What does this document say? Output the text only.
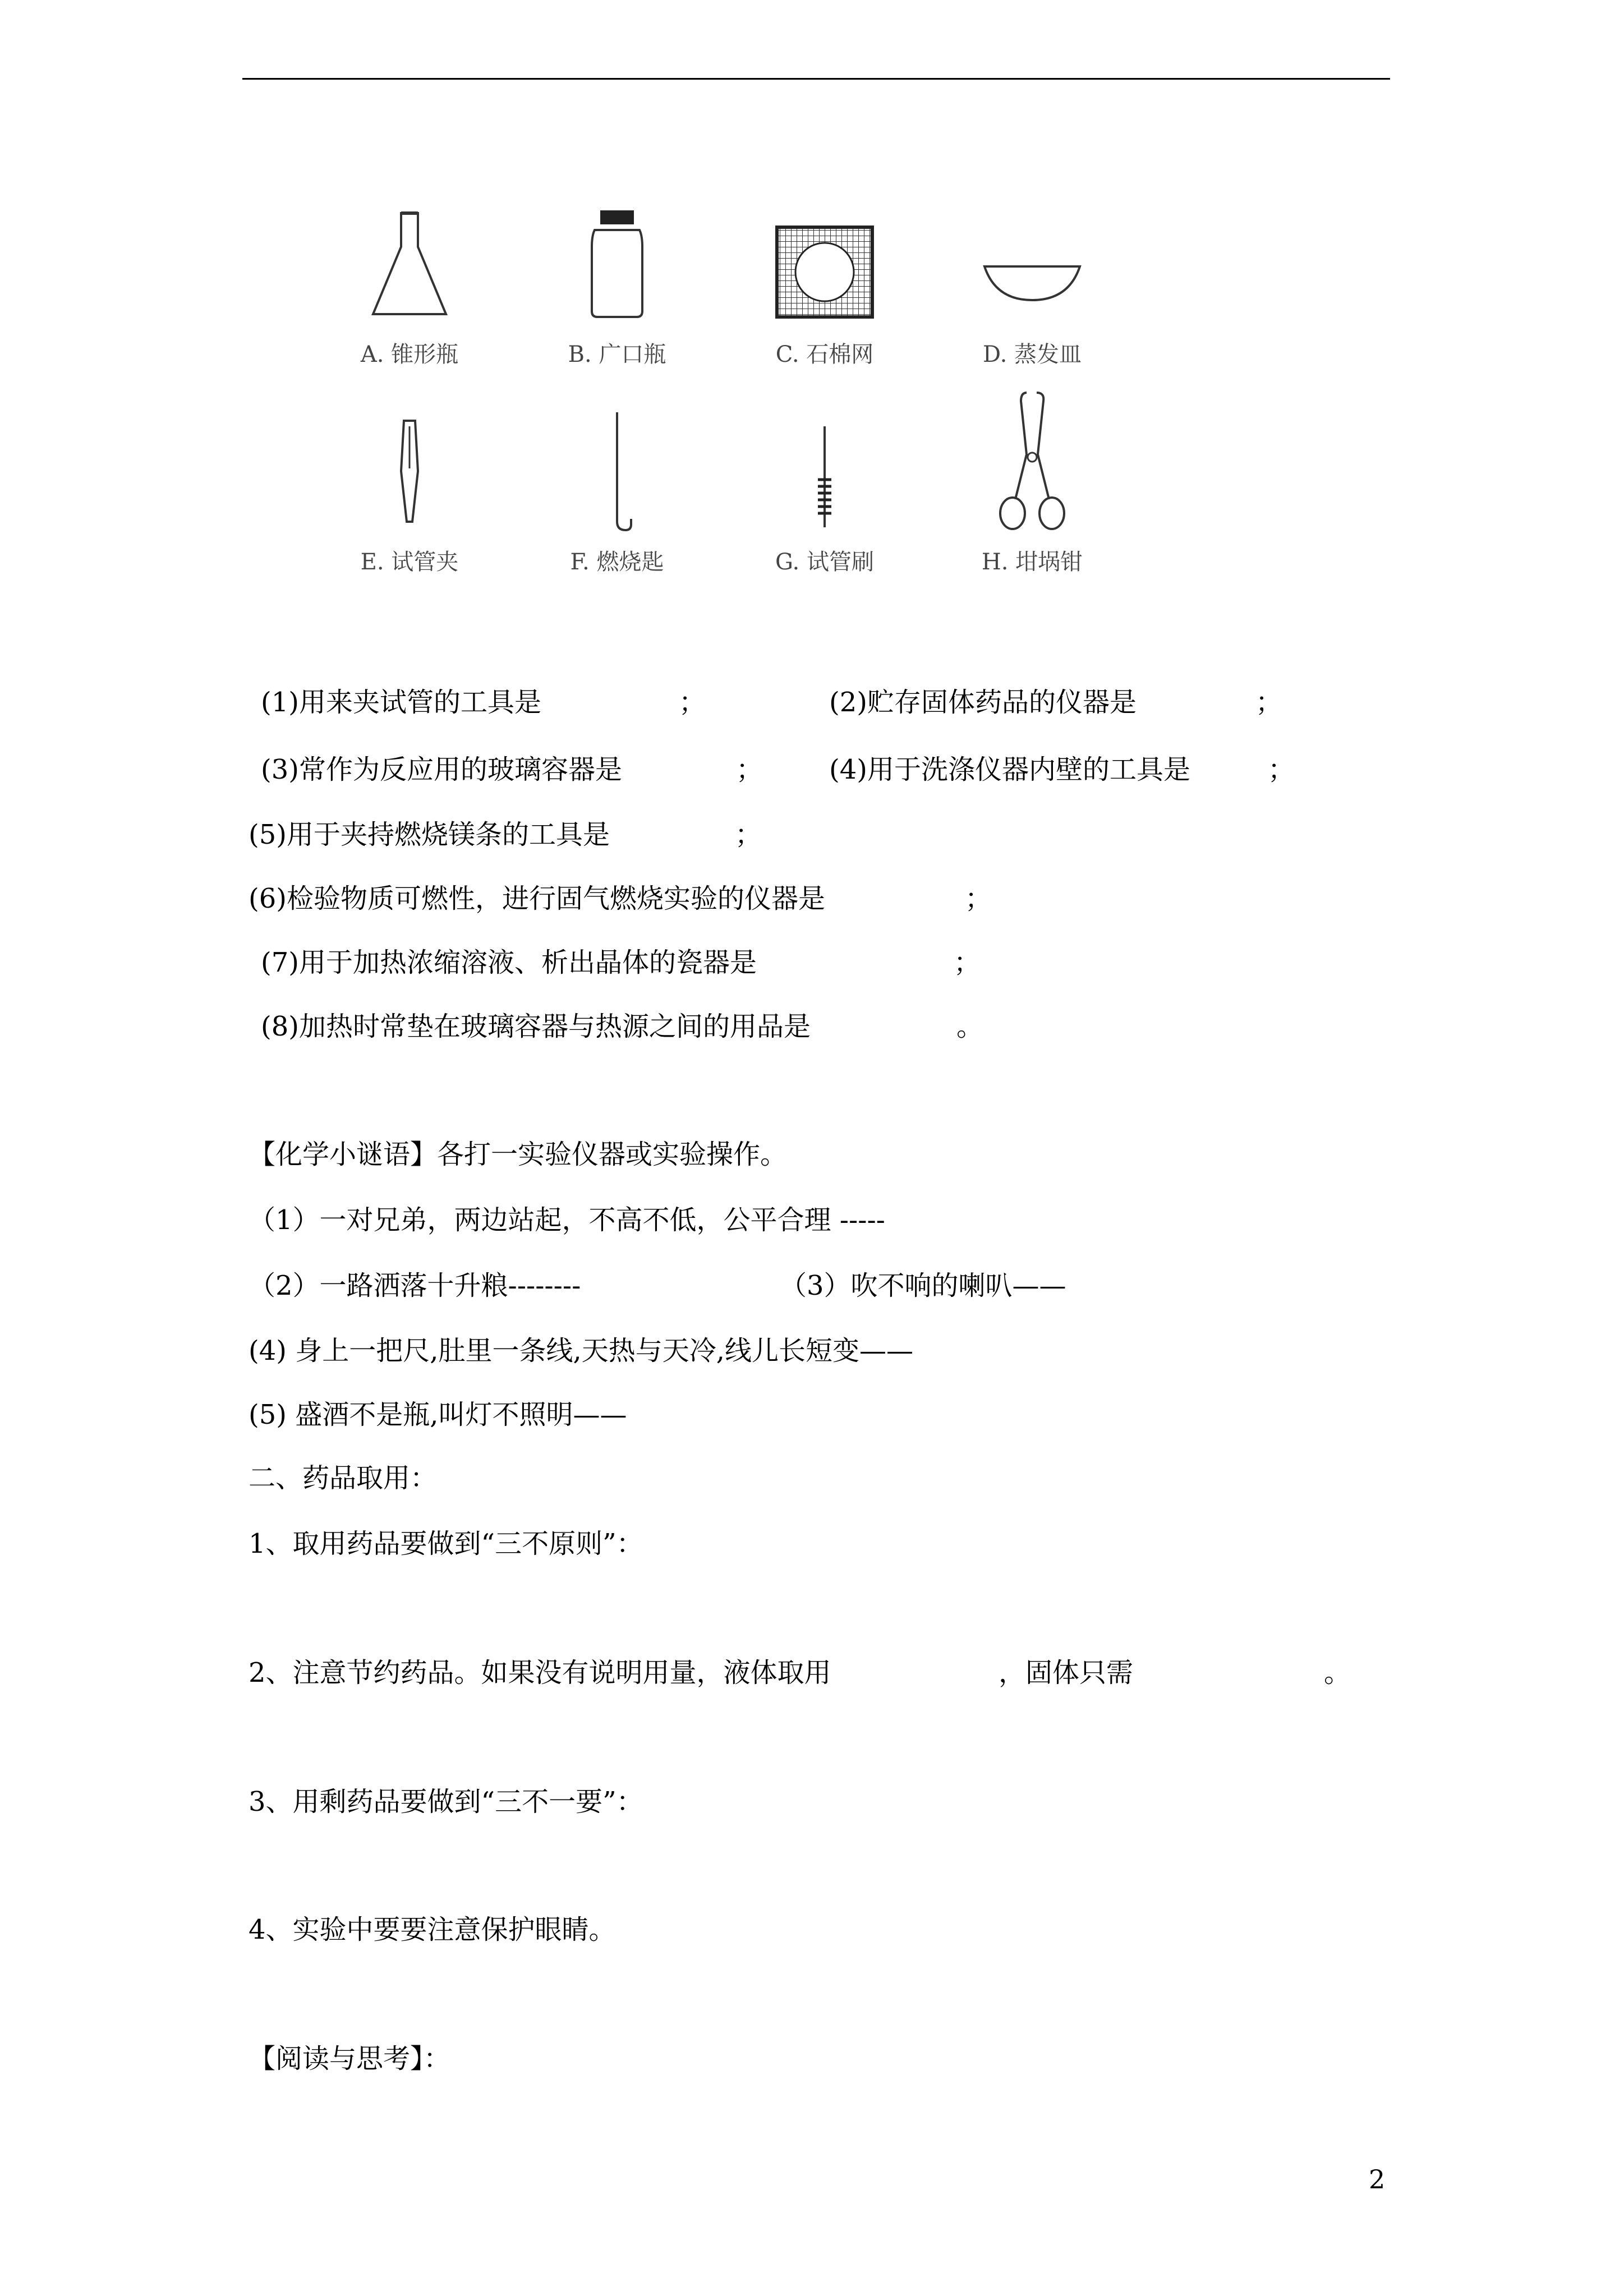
A. 锥形瓶	B. 广口瓶	C. 石棉网	D. 蒸发皿
E. 试管夹	F. 燃烧匙	G. 试管刷	H. 坩埚钳
(1)用来夹试管的工具是	；	(2)贮存固体药品的仪器是	；
(3)常作为反应用的玻璃容器是	； (4)用于洗涤仪器内壁的工具是	；
(5)用于夹持燃烧镁条的工具是	；
(6)检验物质可燃性，进行固气燃烧实验的仪器是	；
(7)用于加热浓缩溶液、析出晶体的瓷器是	；
(8)加热时常垫在玻璃容器与热源之间的用品是	。
【化学小谜语】各打一实验仪器或实验操作。
（1）一对兄弟，两边站起，不高不低，公平合理 -----
（2）一路洒落十升粮--------	（3）吹不响的喇叭——
(4) 身上一把尺,肚里一条线,天热与天冷,线儿长短变——
(5) 盛酒不是瓶,叫灯不照明——
二、药品取用：
1、取用药品要做到“三不原则”：
2、注意节约药品。如果没有说明用量，液体取用	，固体只需	。
3、用剩药品要做到“三不一要”：
4、实验中要要注意保护眼睛。
【阅读与思考】：
2
